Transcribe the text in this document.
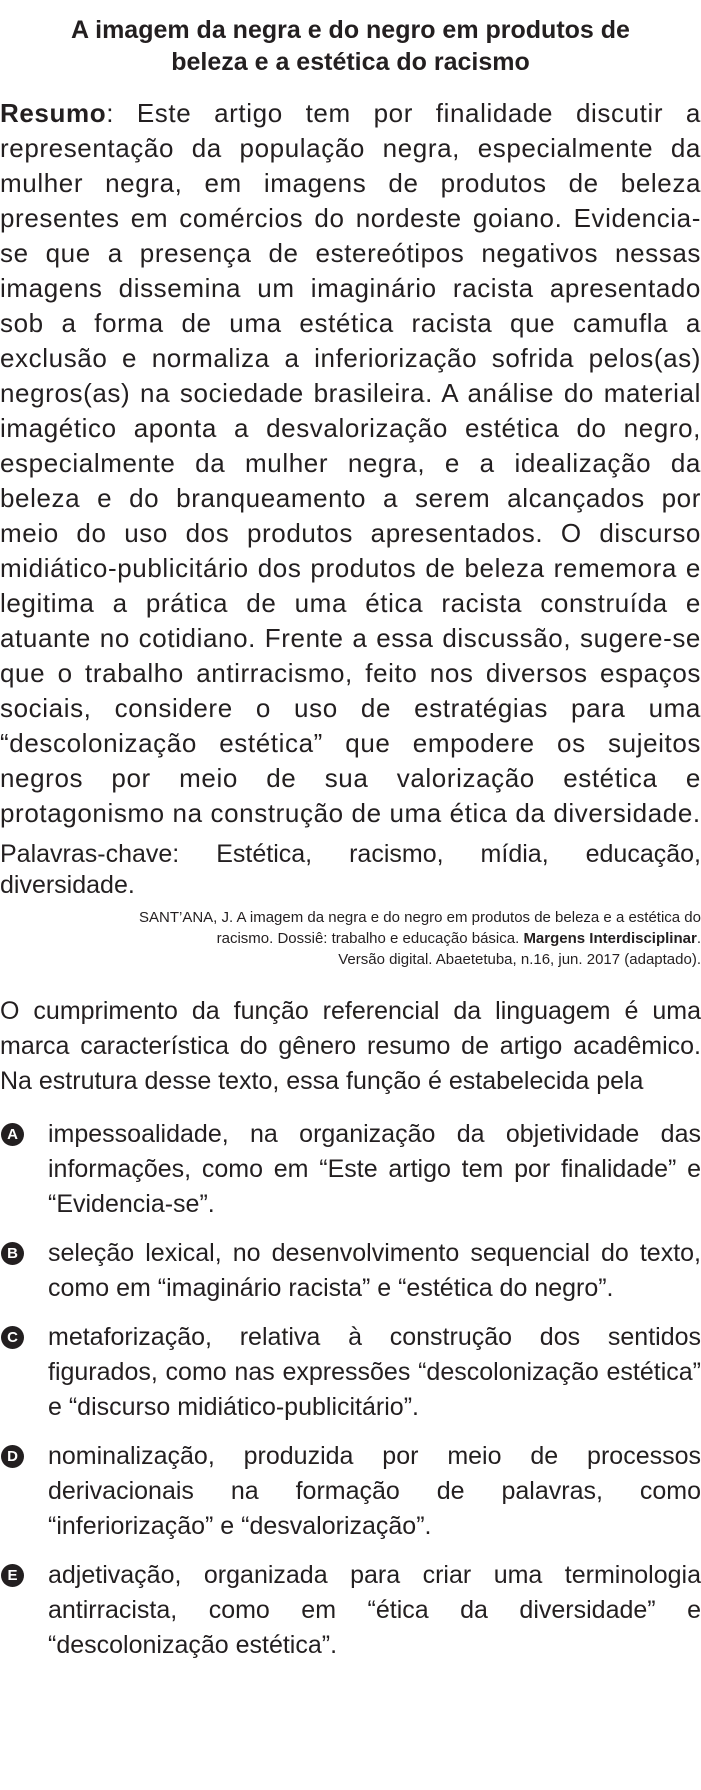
A imagem da negra e do negro em produtos de beleza e a estética do racismo

Resumo: Este artigo tem por finalidade discutir a representação da população negra, especialmente da mulher negra, em imagens de produtos de beleza presentes em comércios do nordeste goiano. Evidencia-se que a presença de estereótipos negativos nessas imagens dissemina um imaginário racista apresentado sob a forma de uma estética racista que camufla a exclusão e normaliza a inferiorização sofrida pelos(as) negros(as) na sociedade brasileira. A análise do material imagético aponta a desvalorização estética do negro, especialmente da mulher negra, e a idealização da beleza e do branqueamento a serem alcançados por meio do uso dos produtos apresentados. O discurso midiático-publicitário dos produtos de beleza rememora e legitima a prática de uma ética racista construída e atuante no cotidiano. Frente a essa discussão, sugere-se que o trabalho antirracismo, feito nos diversos espaços sociais, considere o uso de estratégias para uma “descolonização estética” que empodere os sujeitos negros por meio de sua valorização estética e protagonismo na construção de uma ética da diversidade.

Palavras-chave: Estética, racismo, mídia, educação, diversidade.

SANT’ANA, J. A imagem da negra e do negro em produtos de beleza e a estética do
racismo. Dossiê: trabalho e educação básica. Margens Interdisciplinar.
Versão digital. Abaetetuba, n.16, jun. 2017 (adaptado).

O cumprimento da função referencial da linguagem é uma marca característica do gênero resumo de artigo acadêmico. Na estrutura desse texto, essa função é estabelecida pela

A impessoalidade, na organização da objetividade das informações, como em “Este artigo tem por finalidade” e “Evidencia-se”.
B seleção lexical, no desenvolvimento sequencial do texto, como em “imaginário racista” e “estética do negro”.
C metaforização, relativa à construção dos sentidos figurados, como nas expressões “descolonização estética” e “discurso midiático-publicitário”.
D nominalização, produzida por meio de processos derivacionais na formação de palavras, como “inferiorização” e “desvalorização”.
E adjetivação, organizada para criar uma terminologia antirracista, como em “ética da diversidade” e “descolonização estética”.
